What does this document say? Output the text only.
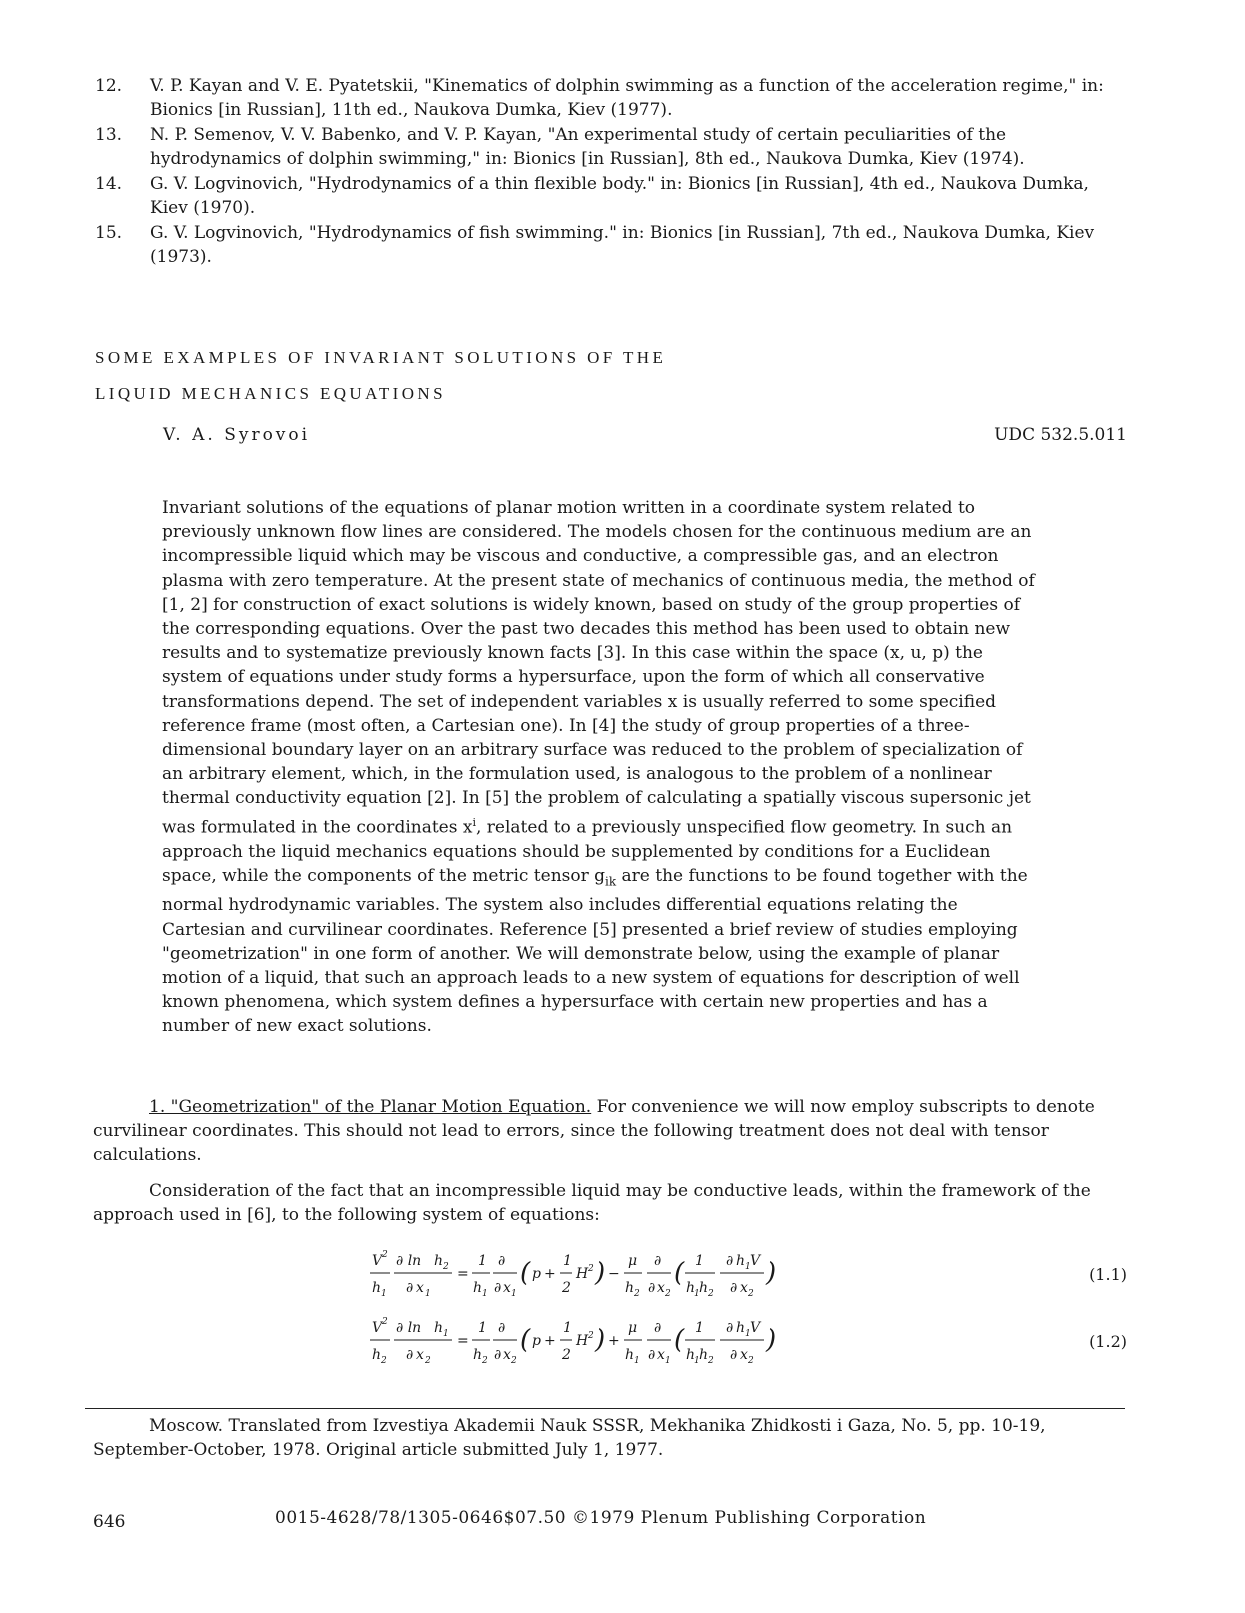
12. V. P. Kayan and V. E. Pyatetskii, "Kinematics of dolphin swimming as a function of the acceleration regime," in: Bionics [in Russian], 11th ed., Naukova Dumka, Kiev (1977).
13. N. P. Semenov, V. V. Babenko, and V. P. Kayan, "An experimental study of certain peculiarities of the hydrodynamics of dolphin swimming," in: Bionics [in Russian], 8th ed., Naukova Dumka, Kiev (1974).
14. G. V. Logvinovich, "Hydrodynamics of a thin flexible body." in: Bionics [in Russian], 4th ed., Naukova Dumka, Kiev (1970).
15. G. V. Logvinovich, "Hydrodynamics of fish swimming." in: Bionics [in Russian], 7th ed., Naukova Dumka, Kiev (1973).
SOME EXAMPLES OF INVARIANT SOLUTIONS OF THE
LIQUID MECHANICS EQUATIONS
V. A. Syrovoi	UDC 532.5.011
Invariant solutions of the equations of planar motion written in a coordinate system related to previously unknown flow lines are considered. The models chosen for the continuous medium are an incompressible liquid which may be viscous and conductive, a compressible gas, and an electron plasma with zero temperature. At the present state of mechanics of continuous media, the method of [1, 2] for construction of exact solutions is widely known, based on study of the group properties of the corresponding equations. Over the past two decades this method has been used to obtain new results and to systematize previously known facts [3]. In this case within the space (x, u, p) the system of equations under study forms a hypersurface, upon the form of which all conservative transformations depend. The set of independent variables x is usually referred to some specified reference frame (most often, a Cartesian one). In [4] the study of group properties of a three-dimensional boundary layer on an arbitrary surface was reduced to the problem of specialization of an arbitrary element, which, in the formulation used, is analogous to the problem of a nonlinear thermal conductivity equation [2]. In [5] the problem of calculating a spatially viscous supersonic jet was formulated in the coordinates $x^i$, related to a previously unspecified flow geometry. In such an approach the liquid mechanics equations should be supplemented by conditions for a Euclidean space, while the components of the metric tensor $g_{ik}$ are the functions to be found together with the normal hydrodynamic variables. The system also includes differential equations relating the Cartesian and curvilinear coordinates. Reference [5] presented a brief review of studies employing "geometrization" in one form of another. We will demonstrate below, using the example of planar motion of a liquid, that such an approach leads to a new system of equations for description of well known phenomena, which system defines a hypersurface with certain new properties and has a number of new exact solutions.
1. "Geometrization" of the Planar Motion Equation. For convenience we will now employ subscripts to denote curvilinear coordinates. This should not lead to errors, since the following treatment does not deal with tensor calculations.
Consideration of the fact that an incompressible liquid may be conductive leads, within the framework of the approach used in [6], to the following system of equations:
V 2
h 1
∂ ln h 2
∂ x 1
=
1
h 1
∂
∂ x 1
( p +
1
2
H 2 ) −
μ
h 2
∂
∂ x 2
( 1
h
1 h 2
∂ h 1 V
∂ x 2
)	(1.1)
V 2
h 2
∂ ln h 1
∂ x 2
=
1
h 2
∂
∂ x 2
( p +
1
2
H 2 ) +
μ
h 1
∂
∂ x 1
( 1
h
1 h 2
∂ h 1 V
∂ x 2
)	(1.2)
Moscow. Translated from Izvestiya Akademii Nauk SSSR, Mekhanika Zhidkosti i Gaza, No. 5, pp. 10-19, September-October, 1978. Original article submitted July 1, 1977.
646	0015-4628/78/1305-0646$07.50 ©1979 Plenum Publishing Corporation
